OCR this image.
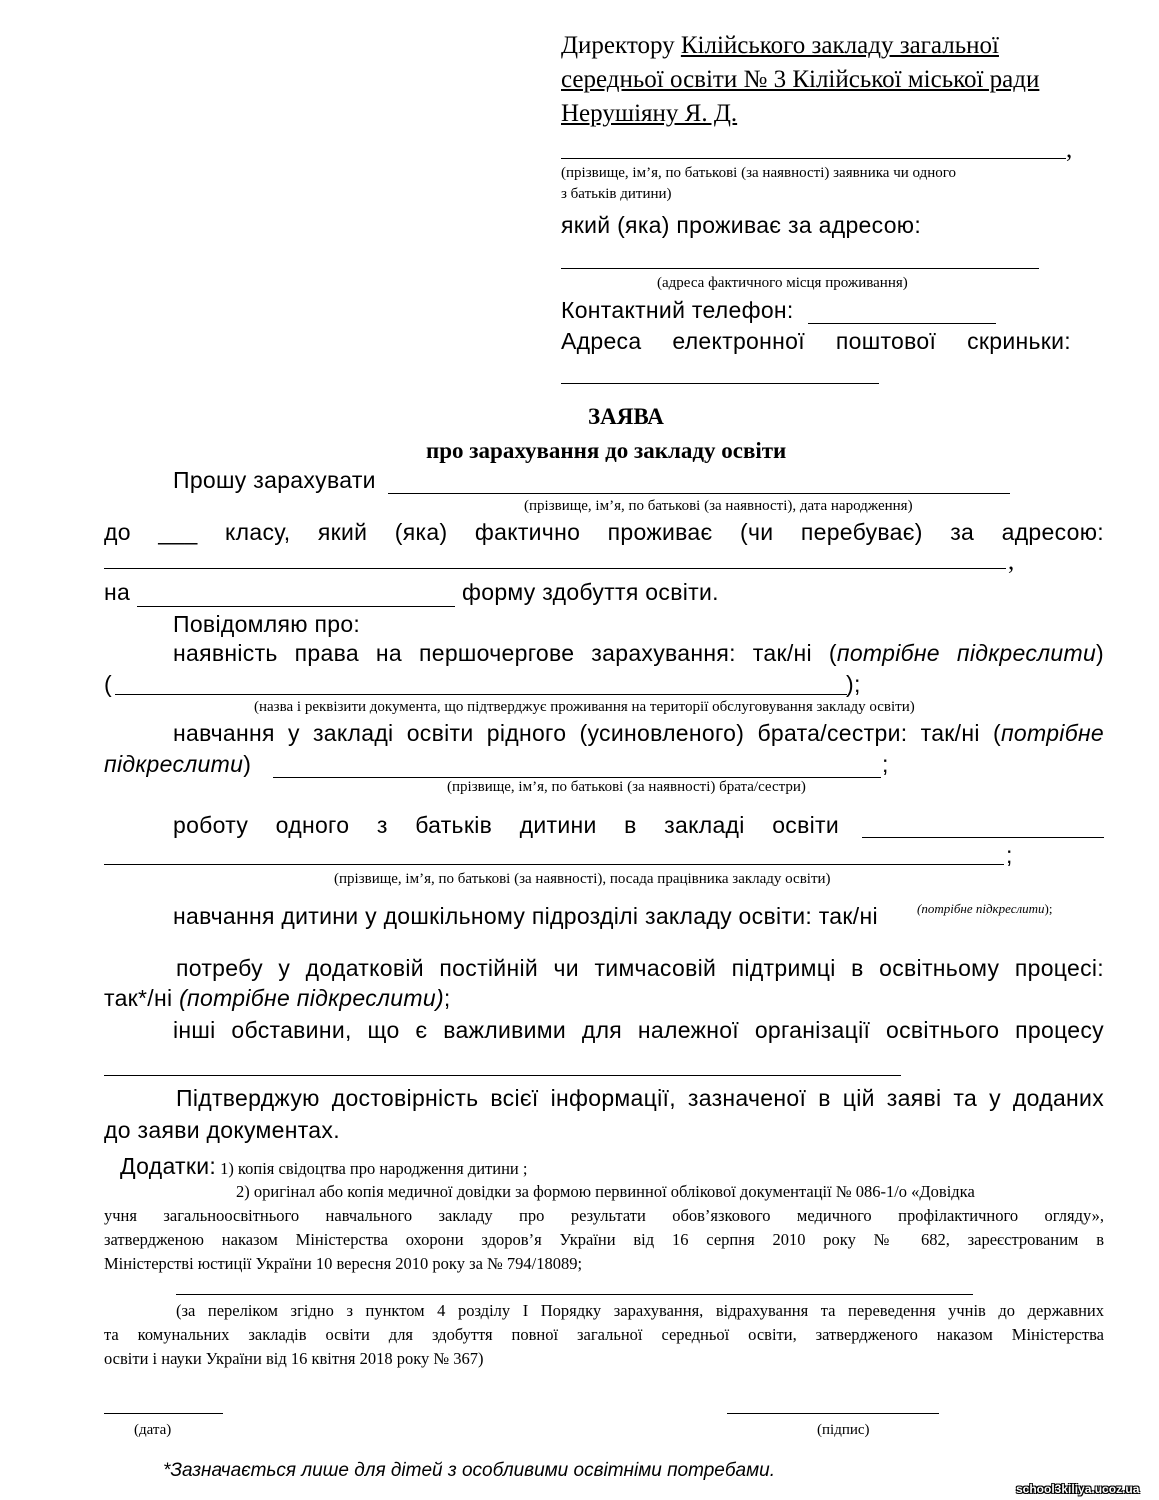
Директору Кілійського закладу загальної
середньої освіти № 3 Кілійської міської ради
Нерушіяну Я. Д.
,
(прізвище, ім’я, по батькові (за наявності) заявника чи одного
з батьків дитини)
який (яка) проживає за адресою:
(адреса фактичного місця проживання)
Контактний телефон:
Адреса електронної поштової скриньки:
ЗАЯВА
про зарахування до закладу освіти
Прошу зарахувати
(прізвище, ім’я, по батькові (за наявності), дата народження)
до ___ класу, який (яка) фактично проживає (чи перебуває) за адресою:
,
на	форму здобуття освіти.
Повідомляю про:
наявність права на першочергове зарахування: так/ні (потрібне підкреслити)
(	);
(назва і реквізити документа, що підтверджує проживання на території обслуговування закладу освіти)
навчання у закладі освіти рідного (усиновленого) брата/сестри: так/ні (потрібне
підкреслити)	;
(прізвище, ім’я, по батькові (за наявності) брата/сестри)
роботу одного з батьків дитини в закладі освіти
;
(прізвище, ім’я, по батькові (за наявності), посада працівника закладу освіти)
навчання дитини у дошкільному підрозділі закладу освіти: так/ні	(потрібне підкреслити);
потребу у додатковій постійній чи тимчасовій підтримці в освітньому процесі:
так*/ні (потрібне підкреслити);
інші обставини, що є важливими для належної організації освітнього процесу
Підтверджую достовірність всієї інформації, зазначеної в цій заяві та у доданих
до заяви документах.
Додатки: 1) копія свідоцтва про народження дитини ;
2) оригінал або копія медичної довідки за формою первинної облікової документації № 086-1/о «Довідка
учня загальноосвітнього навчального закладу про результати обов’язкового медичного профілактичного огляду»,
затвердженою наказом Міністерства охорони здоров’я України від 16 серпня 2010 року № 682, зареєстрованим в
Міністерстві юстиції України 10 вересня 2010 року за № 794/18089;
(за переліком згідно з пунктом 4 розділу I Порядку зарахування, відрахування та переведення учнів до державних
та комунальних закладів освіти для здобуття повної загальної середньої освіти, затвердженого наказом Міністерства
освіти і науки України від 16 квітня 2018 року № 367)
(дата)	(підпис)
*Зазначається лише для дітей з особливими освітніми потребами.
school3kiliya.ucoz.ua
